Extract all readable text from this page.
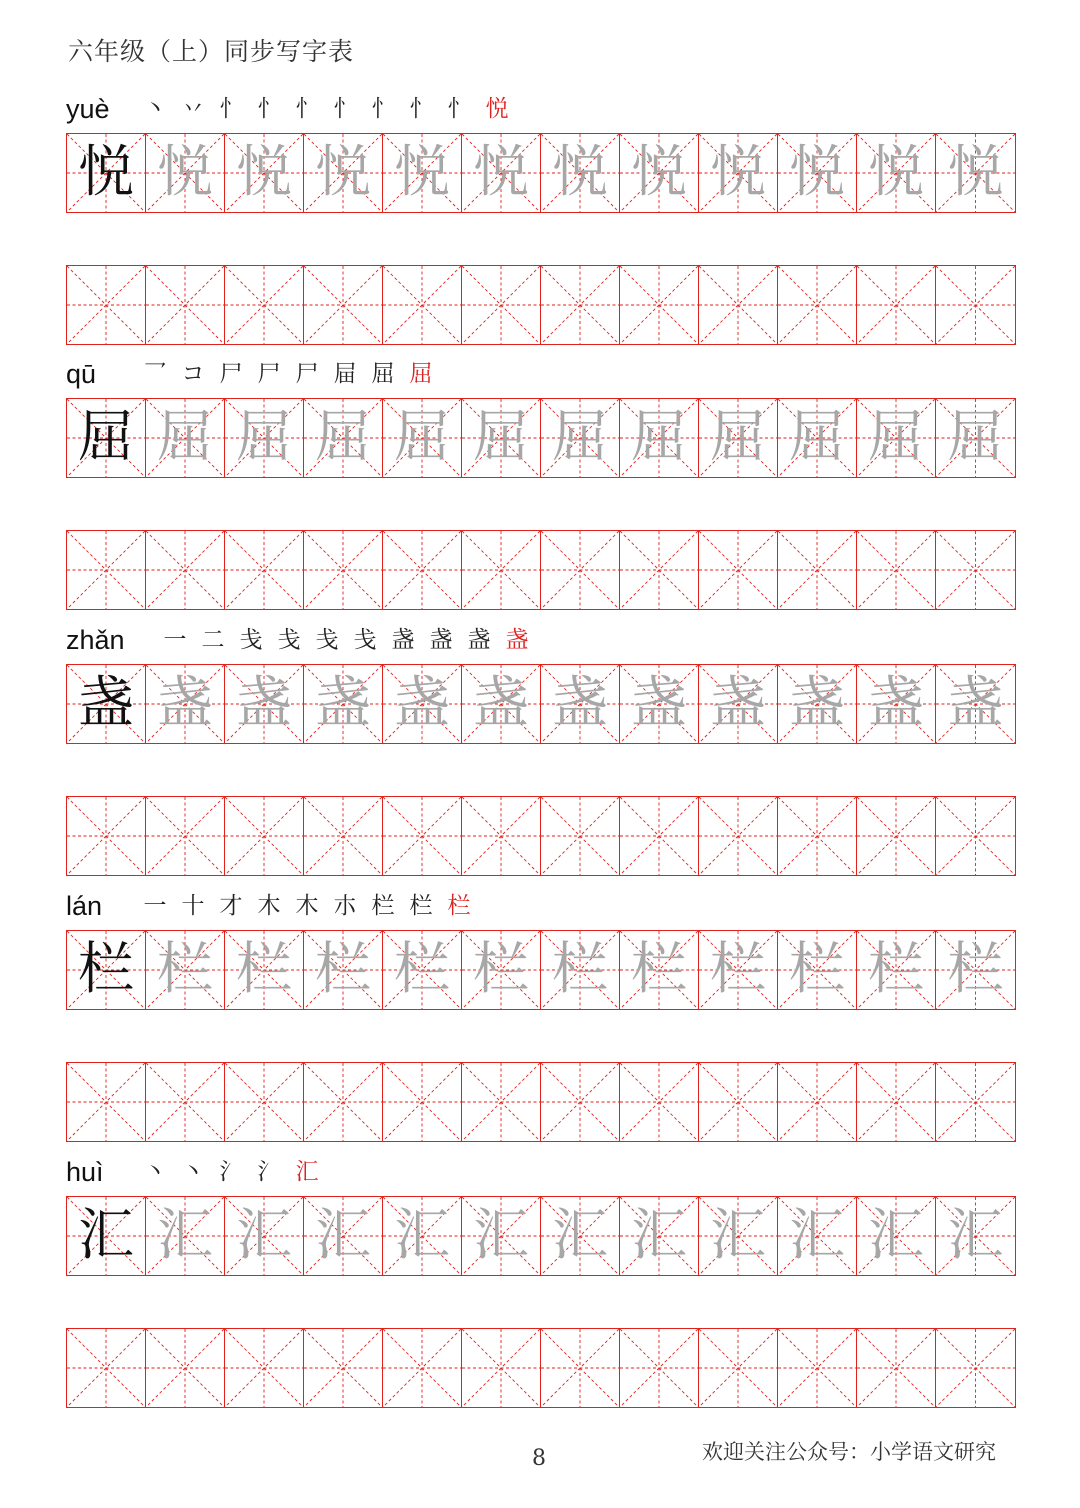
六年级（上）同步写字表
yuè 丶 丷 忄 忄 忄 忄 忄 忄 忄 悦
悦 悦 悦 悦 悦 悦 悦 悦 悦 悦 悦 悦
qū 乛 コ 尸 尸 尸 屇 屈 屈
屈 屈 屈 屈 屈 屈 屈 屈 屈 屈 屈 屈
zhǎn 一 二 戋 戋 戋 戋 盏 盏 盏 盏
盏 盏 盏 盏 盏 盏 盏 盏 盏 盏 盏 盏
lán 一 十 才 木 木 朩 栏 栏 栏
栏 栏 栏 栏 栏 栏 栏 栏 栏 栏 栏 栏
huì 丶 丶 氵 氵 汇
汇 汇 汇 汇 汇 汇 汇 汇 汇 汇 汇 汇
8	欢迎关注公众号：小学语文研究
